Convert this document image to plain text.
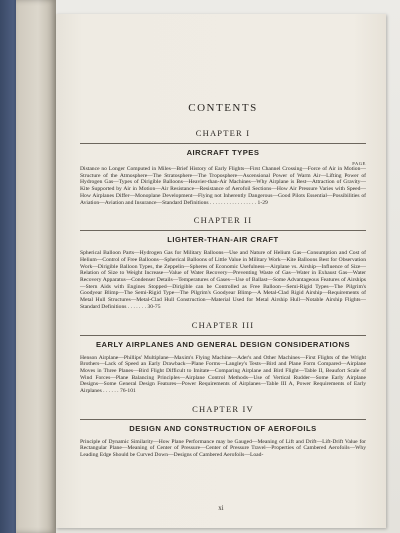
CONTENTS
CHAPTER I
AIRCRAFT TYPES
PAGE

Distance no Longer Computed in Miles—Brief History of Early Flights—First Channel Crossing—Force of Air in Motion—Structure of the Atmosphere—The Stratosphere—The Troposphere—Ascensional Power of Warm Air—Lifting Power of Hydrogen Gas—Types of Dirigible Balloons—Heavier-than-Air Machines—Why Airplane is Best—Attraction of Gravity—Kite Supported by Air in Motion—Air Resistance—Resistance of Aerofoil Sections—How Air Pressure Varies with Speed—How Airplanes Differ—Monoplane Development—Flying not Inherently Dangerous—Good Pilots Essential—Possibilities of Aviation—Aviation and Insurance—Standard Definitions . . . . . . . . . . . . . . . . . 1-29

CHAPTER II
LIGHTER-THAN-AIR CRAFT

Spherical Balloon Parts—Hydrogen Gas for Military Balloons—Use and Nature of Helium Gas—Consumption and Cost of Helium—Control of Free Balloons—Spherical Balloons of Little Value in Military Work—Kite Balloons Best for Observation Work—Dirigible Balloon Types, the Zeppelin—Spheres of Economic Usefulness—Airplane vs. Airship—Influence of Size—Relation of Size to Weight Increase—Value of Water Recovery—Preventing Waste of Gas—Water in Exhaust Gas—Water Recovery Apparatus—Condenser Details—Temperatures of Gases—Use of Ballast—Some Advantageous Features of Airships—Stern Aids with Engines Stopped—Dirigible can be Controlled as Free Balloon—Semi-Rigid Types—The Pilgrim's Goodyear Blimp—The Semi-Rigid Type—The Pilgrim's Goodyear Blimp—A Metal-Clad Rigid Airship—Requirements of Metal Hull Structures—Metal-Clad Hull Construction—Material Used for Metal Airship Hull—Notable Airship Flights—Standard Definitions . . . . . . . 30-75

CHAPTER III
EARLY AIRPLANES AND GENERAL DESIGN CONSIDERATIONS

Henson Airplane—Phillips' Multiplane—Maxim's Flying Machine—Ader's and Other Machines—First Flights of the Wright Brothers—Lack of Speed an Early Drawback—Plane Forms—Langley's Tests—Bird and Plane Form Compared—Airplane Moves in Three Planes—Bird Flight Difficult to Imitate—Comparing Airplane and Bird Flight—Table II, Beaufort Scale of Wind Forces—Plane Balancing Principles—Airplane Control Methods—Use of Vertical Rudder—Some Early Airplane Designs—Some General Design Features—Power Requirements of Airplanes—Table III A, Power Requirements of Early Airplanes . . . . . . 76-101

CHAPTER IV
DESIGN AND CONSTRUCTION OF AEROFOILS

Principle of Dynamic Similarity—How Plane Performance may be Gauged—Meaning of Lift and Drift—Lift-Drift Value for Rectangular Plane—Meaning of Center of Pressure—Center of Pressure Travel—Properties of Cambered Aerofoils—Why Leading Edge Should be Curved Down—Designs of Cambered Aerofoils—Load-

xi
